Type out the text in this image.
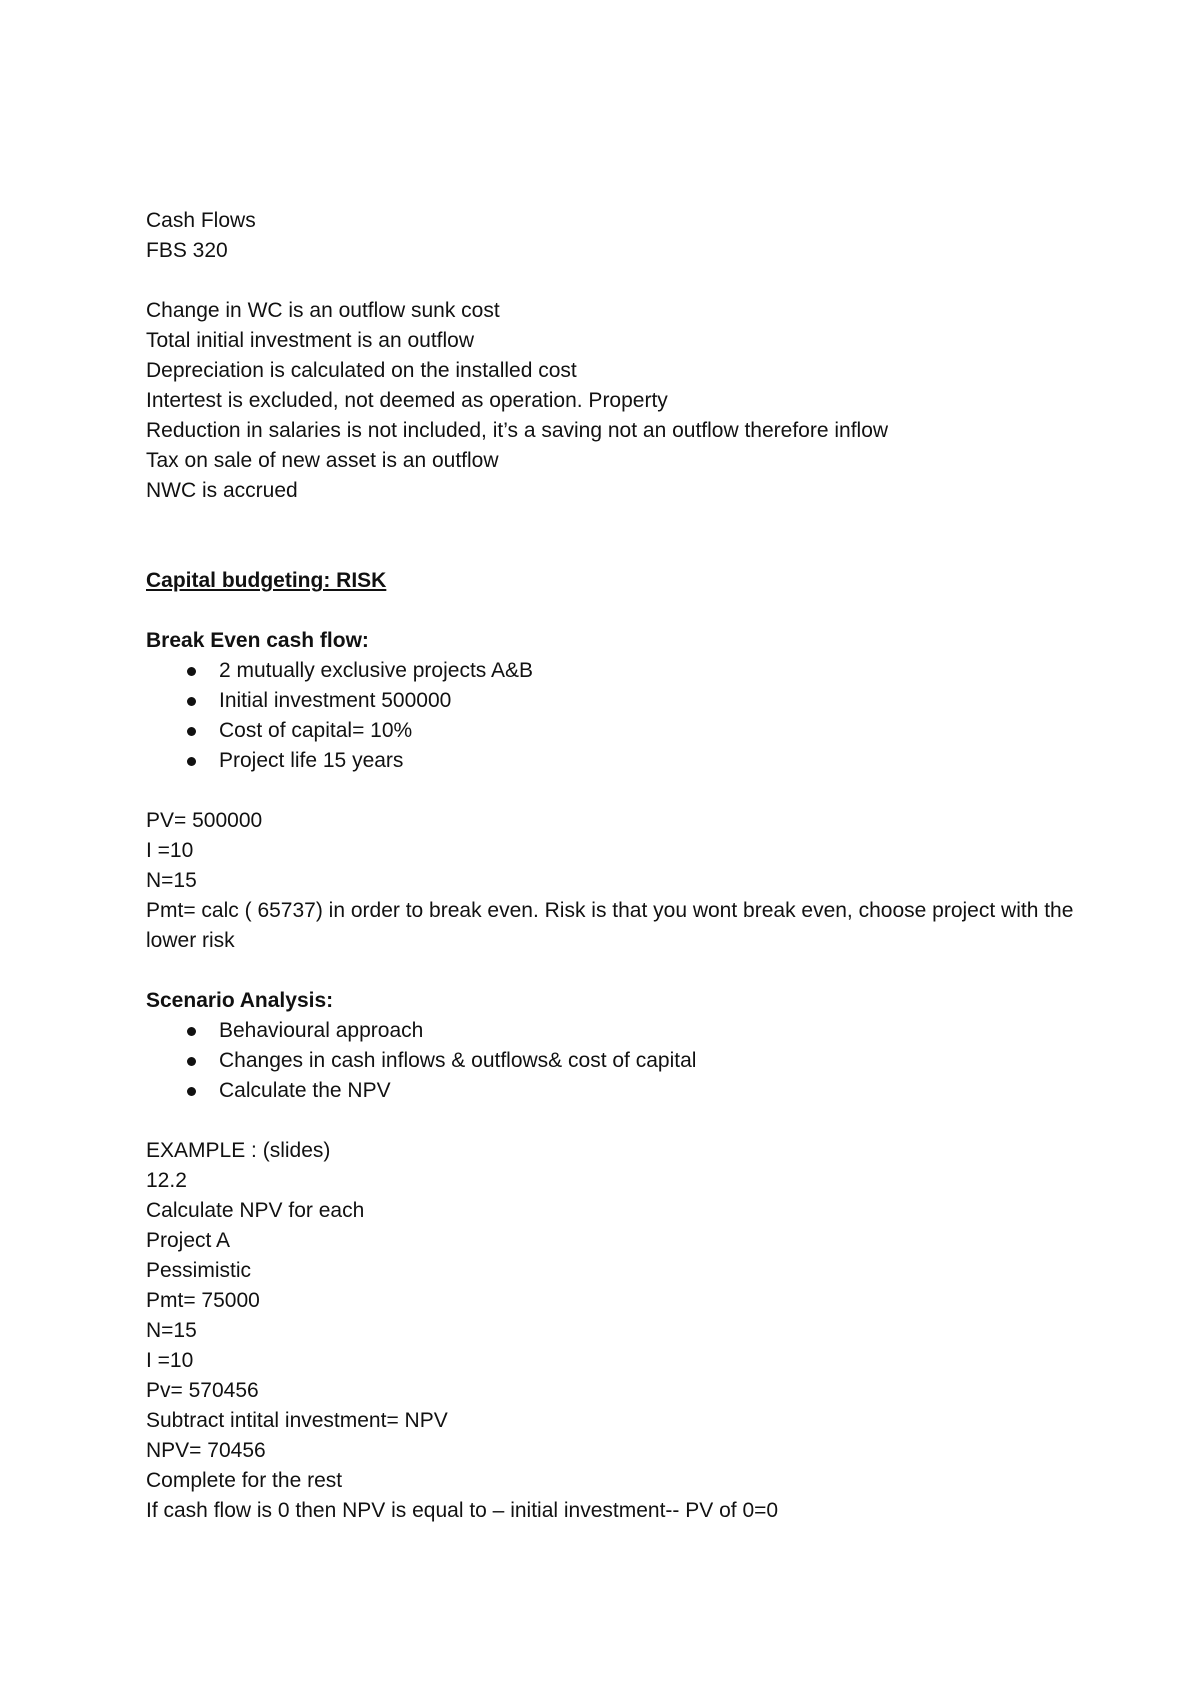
Cash Flows
FBS 320
Change in WC is an outflow sunk cost
Total initial investment is an outflow
Depreciation is calculated on the installed cost
Intertest is excluded, not deemed as operation. Property
Reduction in salaries is not included, it’s a saving not an outflow therefore inflow
Tax on sale of new asset is an outflow
NWC is accrued
Capital budgeting: RISK
Break Even cash flow:
2 mutually exclusive projects A&B
Initial investment 500000
Cost of capital= 10%
Project life 15 years
PV= 500000
I =10
N=15
Pmt= calc ( 65737) in order to break even. Risk is that you wont break even, choose project with the lower risk
Scenario Analysis:
Behavioural approach
Changes in cash inflows & outflows& cost of capital
Calculate the NPV
EXAMPLE : (slides)
12.2
Calculate NPV for each
Project A
Pessimistic
Pmt= 75000
N=15
I =10
Pv= 570456
Subtract intital investment= NPV
NPV= 70456
Complete for the rest
If cash flow is 0 then NPV is equal to – initial investment-- PV of 0=0
